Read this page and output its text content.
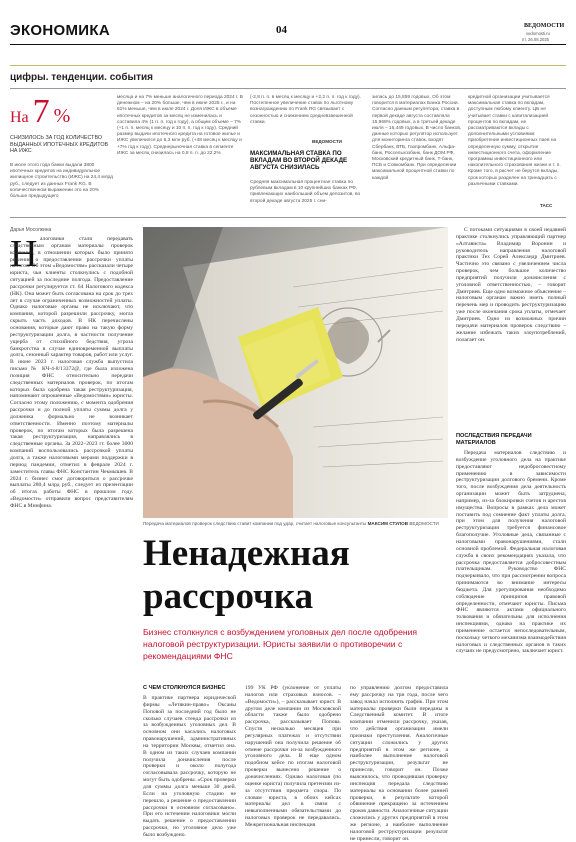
ЭКОНОМИКА	04	ВЕДОМОСТИ
vedomosti.ru
пт, 26.08.2025
цифры. тенденции. события
На 7 %
СНИЗИЛОСЬ ЗА ГОД КОЛИЧЕСТВО ВЫДАННЫХ ИПОТЕЧНЫХ КРЕДИТОВ НА ИЖС
В июле этого года банки выдали 3800 ипотечных кредитов на индивидуальное жилищное строительство (ИЖС) на 24,4 млрд руб., следует из данных Frank RG. В количественном выражении это на 20% больше предыдущего
месяца и на 7% меньше аналогичного периода 2024 г. В денежном – на 20% больше, чем в июне 2025 г., и на 61% меньше, чем в июле 2024 г. Доля ИЖС в объеме ипотечных кредитов за месяц не изменилась и составила 4% (1 п. п. год к году), а общим объеме – 7% (+1 п. п. месяц к месяцу и 10 п. п. год к году). Средний размер выдачи ипотечного кредита на готовое жилье и ИЖС увеличился до 6,3 млн руб. (+48 месяц к месяцу и +7% год к году). Среднерыночная ставка в сегменте ИЖС за месяц снизилась на 0,8 п. п. до 22,2%
(-2,8 п. п. в месяц к месяцу и +2,2 п. п. год к году). Постепенное увеличение ставок по льготному вознаграждению по Frank RG связывает с сезонностью и снижением средневзвешенной ставки.
ВЕДОМОСТИ
МАКСИМАЛЬНАЯ СТАВКА ПО ВКЛАДАМ ВО ВТОРОЙ ДЕКАДЕ АВГУСТА СНИЗИЛАСЬ
Средняя максимальная процентная ставка по рублевым вкладам в 10 крупнейших банках РФ, привлекающих наибольший объем депозитов, во второй декаде августа 2025 г. сни-
зилась до 15,859 годовых. Об этом говорится в материалах Банка России. Согласно данным регулятора, ставка в первой декаде августа составляла 15,968% годовых, а в третьей декаде июля – 16,449 годовых. В число банков, данные которых регулятор использует для мониторинга ставок, входят Сбербанк, ВТБ, Газпромбанк, Альфа-банк, Россельхозбанк, банк ДОМ.РФ, Московский кредитный банк, Т-банк, ПСБ и Совкомбанк. При определении максимальной процентной ставки по каждой
кредитной организации учитывается максимальная ставка по вкладам, доступным любому клиенту. ЦБ не учитывает ставки с капитализацией процентов по вкладам, не рассматриваются вклады с дополнительными условиями: приобретение инвестиционных паев на определенную сумму, открытие инвестиционного счета, оформление программы инвестиционного или накопительного страхования жизни и т. п. Кроме того, в расчет не берутся вклады, срок которых разделен на тринадцать с различными ставками.
ТАСС
Дарья Мосолкина
Н алоговики стали передавать следственным органам материалы проверок компаний, в отношении которых было принято решение о предоставлении рассрочки уплаты налогов. Об этом «Ведомостям» рассказали четыре юриста, чьи клиенты столкнулись с подобной ситуацией за последние полгода. Предоставление рассрочки регулируется ст. 64 Налогового кодекса (НК). Она может быть согласована на срок до трех лет в случае ограниченных возможностей уплаты. Однако налоговые органы не исключают, что компания, которой разрешили рассрочку, могла скрыть часть доходов. В НК перечислены основания, которые дают право на такую форму реструктуризации долга, в частности получение ущерба от стихийного бедствия, угроза банкротства в случае единовременной выплаты долга, сезонный характер товаров, работ или услуг. В июне 2023 г. налоговая служба выпустила письмо № КЧ-4-8/13372@, где была изложена позиция ФНС относительно передачи следственных материалов проверок, по итогам которых была одобрена такая реструктуризация, напоминают опрошенные «Ведомостями» юристы. Согласно этому положению, с момента одобрения рассрочки и до полной уплаты суммы долга у должника формально не возникает ответственности. Именно поэтому материалы проверок, по итогам которых была разрешена такая реструктуризация, направлялись в следственные органы. За 2022–2023 гг. более 3000 компаний воспользовались рассрочкой уплаты долга, а также налоговыми мерами поддержки в период пандемии, отметил в феврале 2024 г. заместитель главы ФНС Константин Чекмышев. В 2024 г. бизнес смог договориться о рассрочке выплаты 280,4 млрд руб., следует из презентации об итогах работы ФНС в прошлом году. «Ведомости» отправили вопрос представителям ФНС в Минфина.
Передача материалов проверок следствию ставит компании под удар, считает налоговые консультанты МАКСИМ СТУЛОВ ВЕДОМОСТИ
Ненадежная рассрочка
Бизнес столкнулся с возбуждением уголовных дел после одобрения налоговой реструктуризации. Юристы заявили о противоречии с рекомендациями ФНС
С ЧЕМ СТОЛКНУЛСЯ БИЗНЕС
В практике партнера юридической фирмы «Летякин-право» Оксаны Поповой за последний год было не сколько случаев стенда рассрочки из за возбужденных уголовных дел. В основном они касались налоговых правонарушений, административных на территории Москвы, отметил она. В одном из таких случаев компании получила доначисления после проверки и около полугода согласовывала рассрочку, которую не могут быть одобрены. «Срок проверки для суммы долга меньше 30 дней. Если на уголовную стадию не перешло, а решение о предоставлении рассрочки в основном согласовано». При его истечении налоговики могли выдать решение о предоставлении рассрочки, но уголовное дело уже было возбуждено.
199 УК РФ (уклонение от уплаты налогов или страховых взносов. – «Ведомости»), – рассказывает юрист. В другом деле компании из Московской области также было одобрено рассрочка, рассказывает Попова. Спустя несколько месяцев при регулярных платежах и отсутствии нарушений она получила решение об отмене рассрочки из-за возбужденного уголовного дела. В еще одном подобном кейсе по итогам налоговой проверки вынесено решение о доначислениях. Однако налоговая (по оценке юриста) получила претензии из-за отсутствия предмета спора. По словам юриста, в обоих кейсах материалы дел в связи с невыполненными обязательствами до налоговых проверок не передавались. Межрегиональная инспекция
по управлению долгом предоставила ему рассрочку на три года, после чего завод начал исполнять график. При этом материалы проверки были переданы в Следственный комитет. В итоге компании отменили рассрочку, указав, что действия организации имели признаки преступления. Аналогичные ситуации сложились у других предприятий в этом же регионе, а наиболее выполнение налоговой реструктуризации, результат не принесли, говорит он. Позже выяснилось, что проводившая проверку инспекция передала следствию материалы на основании более ранней проверки, в результате которой обвинение прекращено за истечением сроков давности. Аналогичные ситуации сложились у других предприятий в этом же регионе, а наиболее выполнение налоговой реструктуризации результат не принесли, говорит он.
С потоками ситуациями в своей недавней практике столкнулись управляющий партнер «Алтависта» Владимир Воронин и руководитель направления налоговой практики Тех Сорей Александр Дмитриев. Частично это связано с увеличением числа проверок, чем большое количество предприятий получили доначисления с уголовной ответственностью, – говорит Дмитриев. Еще одно возможное объяснение – налоговым органам важно иметь полный перечень мер и проводить реструктуризацию уже после окончания срока уплаты, отмечает Дмитриев. Одно из возможных причин передачи материалов проверок следствию – желание избежать таких злоупотреблений, полагает он.
ПОСЛЕДСТВИЯ ПЕРЕДАЧИ МАТЕРИАЛОВ
Передача материалов следствию и возбуждение уголовного дела на практике предоставляют недобросовестному применению в зависимости реструктуризации долгового бремени. Кроме того, после возбуждения дела деятельность организации может быть затруднена, например, из-за блокировки счетов и арестов имущества. Вопросы в рамках дела может поставить под сомнение факт уплаты долга, при этом для получения налоговой реструктуризации требуется финансовое благополучие. Уголовные дела, связанные с налоговыми правонарушениями, стали основной проблемой. Федеральная налоговая служба в своих рекомендациях указала, что рассрочка предоставляется добросовестным плательщикам. Руководство ФНС подчеркивало, что при рассмотрении вопроса принимаются во внимание интересы бюджета. Для урегулирования необходимо соблюдение принципов правовой определенности, отмечают юристы. Письма ФНС являются актами официального толкования и обязательны для исполнения инспекциями, однако на практике их применение остается непоследовательным, поскольку четкого механизма взаимодействия налоговых и следственных органов в таких случаях не предусмотрено, заключает юрист.
